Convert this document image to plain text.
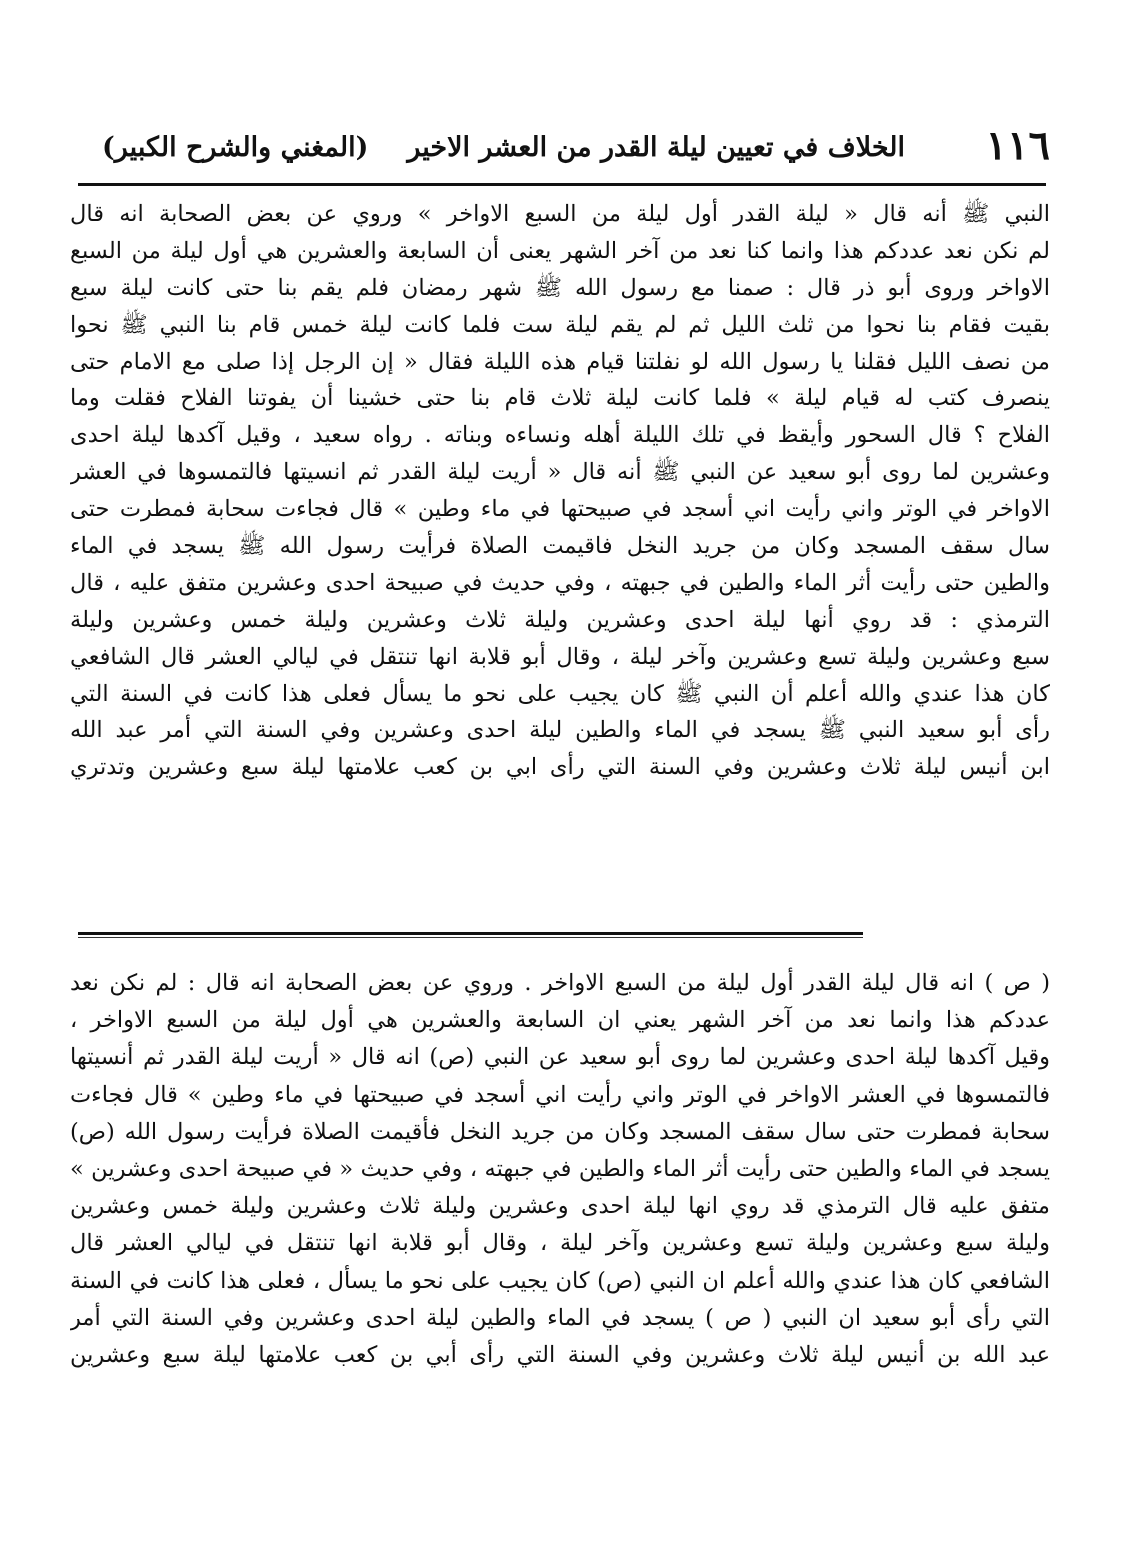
١١٦
الخلاف في تعيين ليلة القدر من العشر الاخير
(المغني والشرح الكبير)
النبي ﷺ أنه قال « ليلة القدر أول ليلة من السبع الاواخر » وروي عن بعض الصحابة انه قال
لم نكن نعد عددكم هذا وانما كنا نعد من آخر الشهر يعنى أن السابعة والعشرين هي أول ليلة من السبع
الاواخر وروى أبو ذر قال : صمنا مع رسول الله ﷺ شهر رمضان فلم يقم بنا حتى كانت ليلة سبع
بقيت فقام بنا نحوا من ثلث الليل ثم لم يقم ليلة ست فلما كانت ليلة خمس قام بنا النبي ﷺ نحوا
من نصف الليل فقلنا يا رسول الله لو نفلتنا قيام هذه الليلة فقال « إن الرجل إذا صلى مع الامام حتى
ينصرف كتب له قيام ليلة » فلما كانت ليلة ثلاث قام بنا حتى خشينا أن يفوتنا الفلاح فقلت وما
الفلاح ؟ قال السحور وأيقظ في تلك الليلة أهله ونساءه وبناته . رواه سعيد ، وقيل آكدها ليلة احدى
وعشرين لما روى أبو سعيد عن النبي ﷺ أنه قال « أريت ليلة القدر ثم انسيتها فالتمسوها في العشر
الاواخر في الوتر واني رأيت اني أسجد في صبيحتها في ماء وطين » قال فجاءت سحابة فمطرت حتى
سال سقف المسجد وكان من جريد النخل فاقيمت الصلاة فرأيت رسول الله ﷺ يسجد في الماء
والطين حتى رأيت أثر الماء والطين في جبهته ، وفي حديث في صبيحة احدى وعشرين متفق عليه ، قال
الترمذي : قد روي أنها ليلة احدى وعشرين وليلة ثلاث وعشرين وليلة خمس وعشرين وليلة
سبع وعشرين وليلة تسع وعشرين وآخر ليلة ، وقال أبو قلابة انها تنتقل في ليالي العشر قال الشافعي
كان هذا عندي والله أعلم أن النبي ﷺ كان يجيب على نحو ما يسأل فعلى هذا كانت في السنة التي
رأى أبو سعيد النبي ﷺ يسجد في الماء والطين ليلة احدى وعشرين وفي السنة التي أمر عبد الله
ابن أنيس ليلة ثلاث وعشرين وفي السنة التي رأى ابي بن كعب علامتها ليلة سبع وعشرين وتدتري
( ص ) انه قال ليلة القدر أول ليلة من السبع الاواخر . وروي عن بعض الصحابة انه قال : لم نكن نعد
عددكم هذا وانما نعد من آخر الشهر يعني ان السابعة والعشرين هي أول ليلة من السبع الاواخر ،
وقيل آكدها ليلة احدى وعشرين لما روى أبو سعيد عن النبي (ص) انه قال « أريت ليلة القدر ثم أنسيتها
فالتمسوها في العشر الاواخر في الوتر واني رأيت اني أسجد في صبيحتها في ماء وطين » قال فجاءت
سحابة فمطرت حتى سال سقف المسجد وكان من جريد النخل فأقيمت الصلاة فرأيت رسول الله (ص)
يسجد في الماء والطين حتى رأيت أثر الماء والطين في جبهته ، وفي حديث « في صبيحة احدى وعشرين »
متفق عليه قال الترمذي قد روي انها ليلة احدى وعشرين وليلة ثلاث وعشرين وليلة خمس وعشرين
وليلة سبع وعشرين وليلة تسع وعشرين وآخر ليلة ، وقال أبو قلابة انها تنتقل في ليالي العشر قال
الشافعي كان هذا عندي والله أعلم ان النبي (ص) كان يجيب على نحو ما يسأل ، فعلى هذا كانت في السنة
التي رأى أبو سعيد ان النبي ( ص ) يسجد في الماء والطين ليلة احدى وعشرين وفي السنة التي أمر
عبد الله بن أنيس ليلة ثلاث وعشرين وفي السنة التي رأى أبي بن كعب علامتها ليلة سبع وعشرين
